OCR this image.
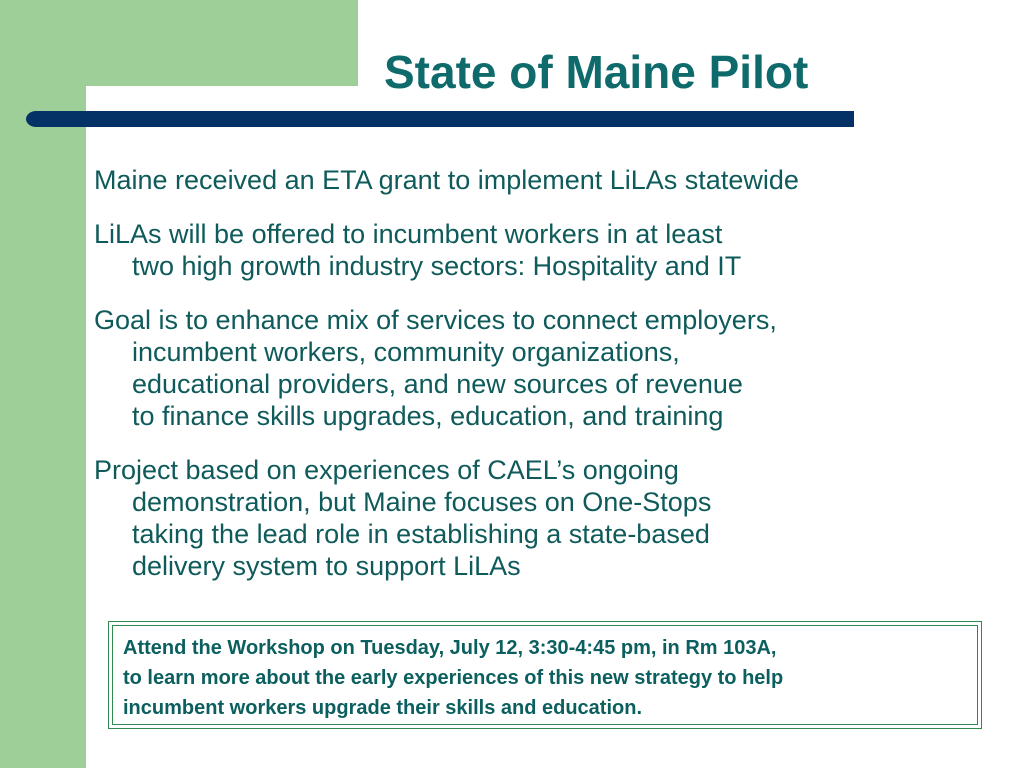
State of Maine Pilot
Maine received an ETA grant to implement LiLAs statewide
LiLAs will be offered to incumbent workers in at least
two high growth industry sectors: Hospitality and IT
Goal is to enhance mix of services to connect employers,
incumbent workers, community organizations,
educational providers, and new sources of revenue
to finance skills upgrades, education, and training
Project based on experiences of CAEL’s ongoing
demonstration, but Maine focuses on One-Stops
taking the lead role in establishing a state-based
delivery system to support LiLAs
Attend the Workshop on Tuesday, July 12, 3:30-4:45 pm, in Rm 103A,
to learn more about the early experiences of this new strategy to help
incumbent workers upgrade their skills and education.
